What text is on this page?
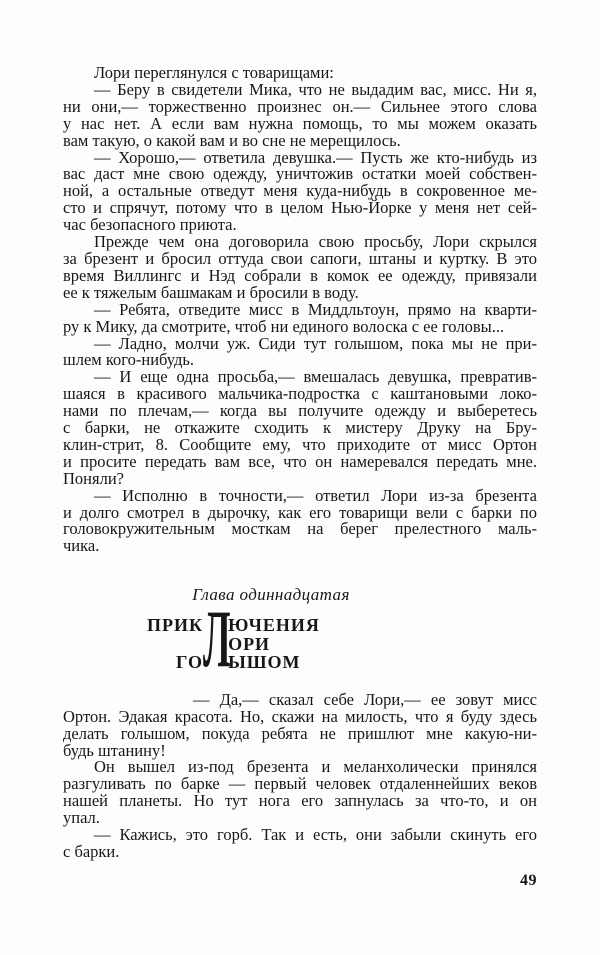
Лори переглянулся с товарищами:

— Беру в свидетели Мика, что не выдадим вас, мисс. Ни я,
ни они,— торжественно произнес он.— Сильнее этого слова
у нас нет. А если вам нужна помощь, то мы можем оказать
вам такую, о какой вам и во сне не мерещилось.

— Хорошо,— ответила девушка.— Пусть же кто-нибудь из
вас даст мне свою одежду, уничтожив остатки моей собствен-
ной, а остальные отведут меня куда-нибудь в сокровенное ме-
сто и спрячут, потому что в целом Нью-Йорке у меня нет сей-
час безопасного приюта.

Прежде чем она договорила свою просьбу, Лори скрылся
за брезент и бросил оттуда свои сапоги, штаны и куртку. В это
время Виллингс и Нэд собрали в комок ее одежду, привязали
ее к тяжелым башмакам и бросили в воду.

— Ребята, отведите мисс в Миддльтоун, прямо на кварти-
ру к Мику, да смотрите, чтоб ни единого волоска с ее головы...

— Ладно, молчи уж. Сиди тут голышом, пока мы не при-
шлем кого-нибудь.

— И еще одна просьба,— вмешалась девушка, превратив-
шаяся в красивого мальчика-подростка с каштановыми локо-
нами по плечам,— когда вы получите одежду и выберетесь
с барки, не откажите сходить к мистеру Друку на Бру-
клин-стрит, 8. Сообщите ему, что приходите от мисс Ортон
и просите передать вам все, что он намеревался передать мне.
Поняли?

— Исполню в точности,— ответил Лори из-за брезента
и долго смотрел в дырочку, как его товарищи вели с барки по
головокружительным мосткам на берег прелестного маль-
чика.

Глава одиннадцатая
ПРИК
ГО Л
ЮЧЕНИЯ
ОРИ
ЫШОМ

— Да,— сказал себе Лори,— ее зовут мисс
Ортон. Эдакая красота. Но, скажи на милость, что я буду здесь
делать голышом, покуда ребята не пришлют мне какую-ни-
будь штанину!

Он вышел из-под брезента и меланхолически принялся
разгуливать по барке — первый человек отдаленнейших веков
нашей планеты. Но тут нога его запнулась за что-то, и он
упал.

— Кажись, это горб. Так и есть, они забыли скинуть его
с барки.

49
